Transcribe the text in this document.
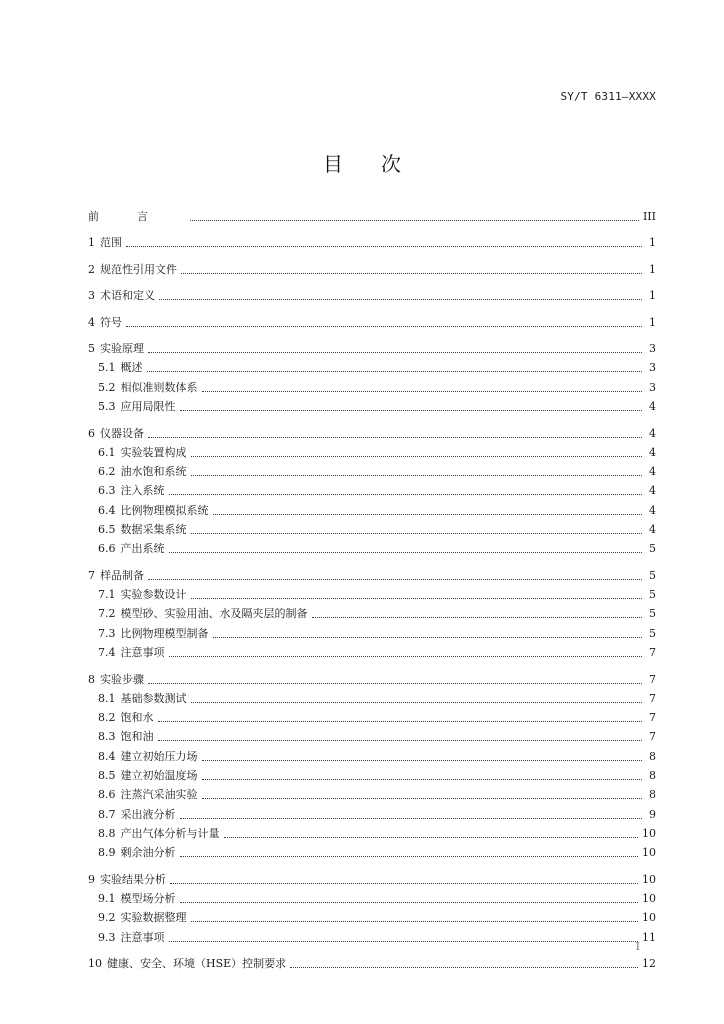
SY/T 6311—XXXX
目次
前言	III
1 范围	1
2 规范性引用文件	1
3 术语和定义	1
4 符号	1
5 实验原理	3
5.1 概述	3
5.2 相似准则数体系	3
5.3 应用局限性	4
6 仪器设备	4
6.1 实验装置构成	4
6.2 油水饱和系统	4
6.3 注入系统	4
6.4 比例物理模拟系统	4
6.5 数据采集系统	4
6.6 产出系统	5
7 样品制备	5
7.1 实验参数设计	5
7.2 模型砂、实验用油、水及隔夹层的制备	5
7.3 比例物理模型制备	5
7.4 注意事项	7
8 实验步骤	7
8.1 基础参数测试	7
8.2 饱和水	7
8.3 饱和油	7
8.4 建立初始压力场	8
8.5 建立初始温度场	8
8.6 注蒸汽采油实验	8
8.7 采出液分析	9
8.8 产出气体分析与计量	10
8.9 剩余油分析	10
9 实验结果分析	10
9.1 模型场分析	10
9.2 实验数据整理	10
9.3 注意事项	11
10 健康、安全、环境（HSE）控制要求	12
I
